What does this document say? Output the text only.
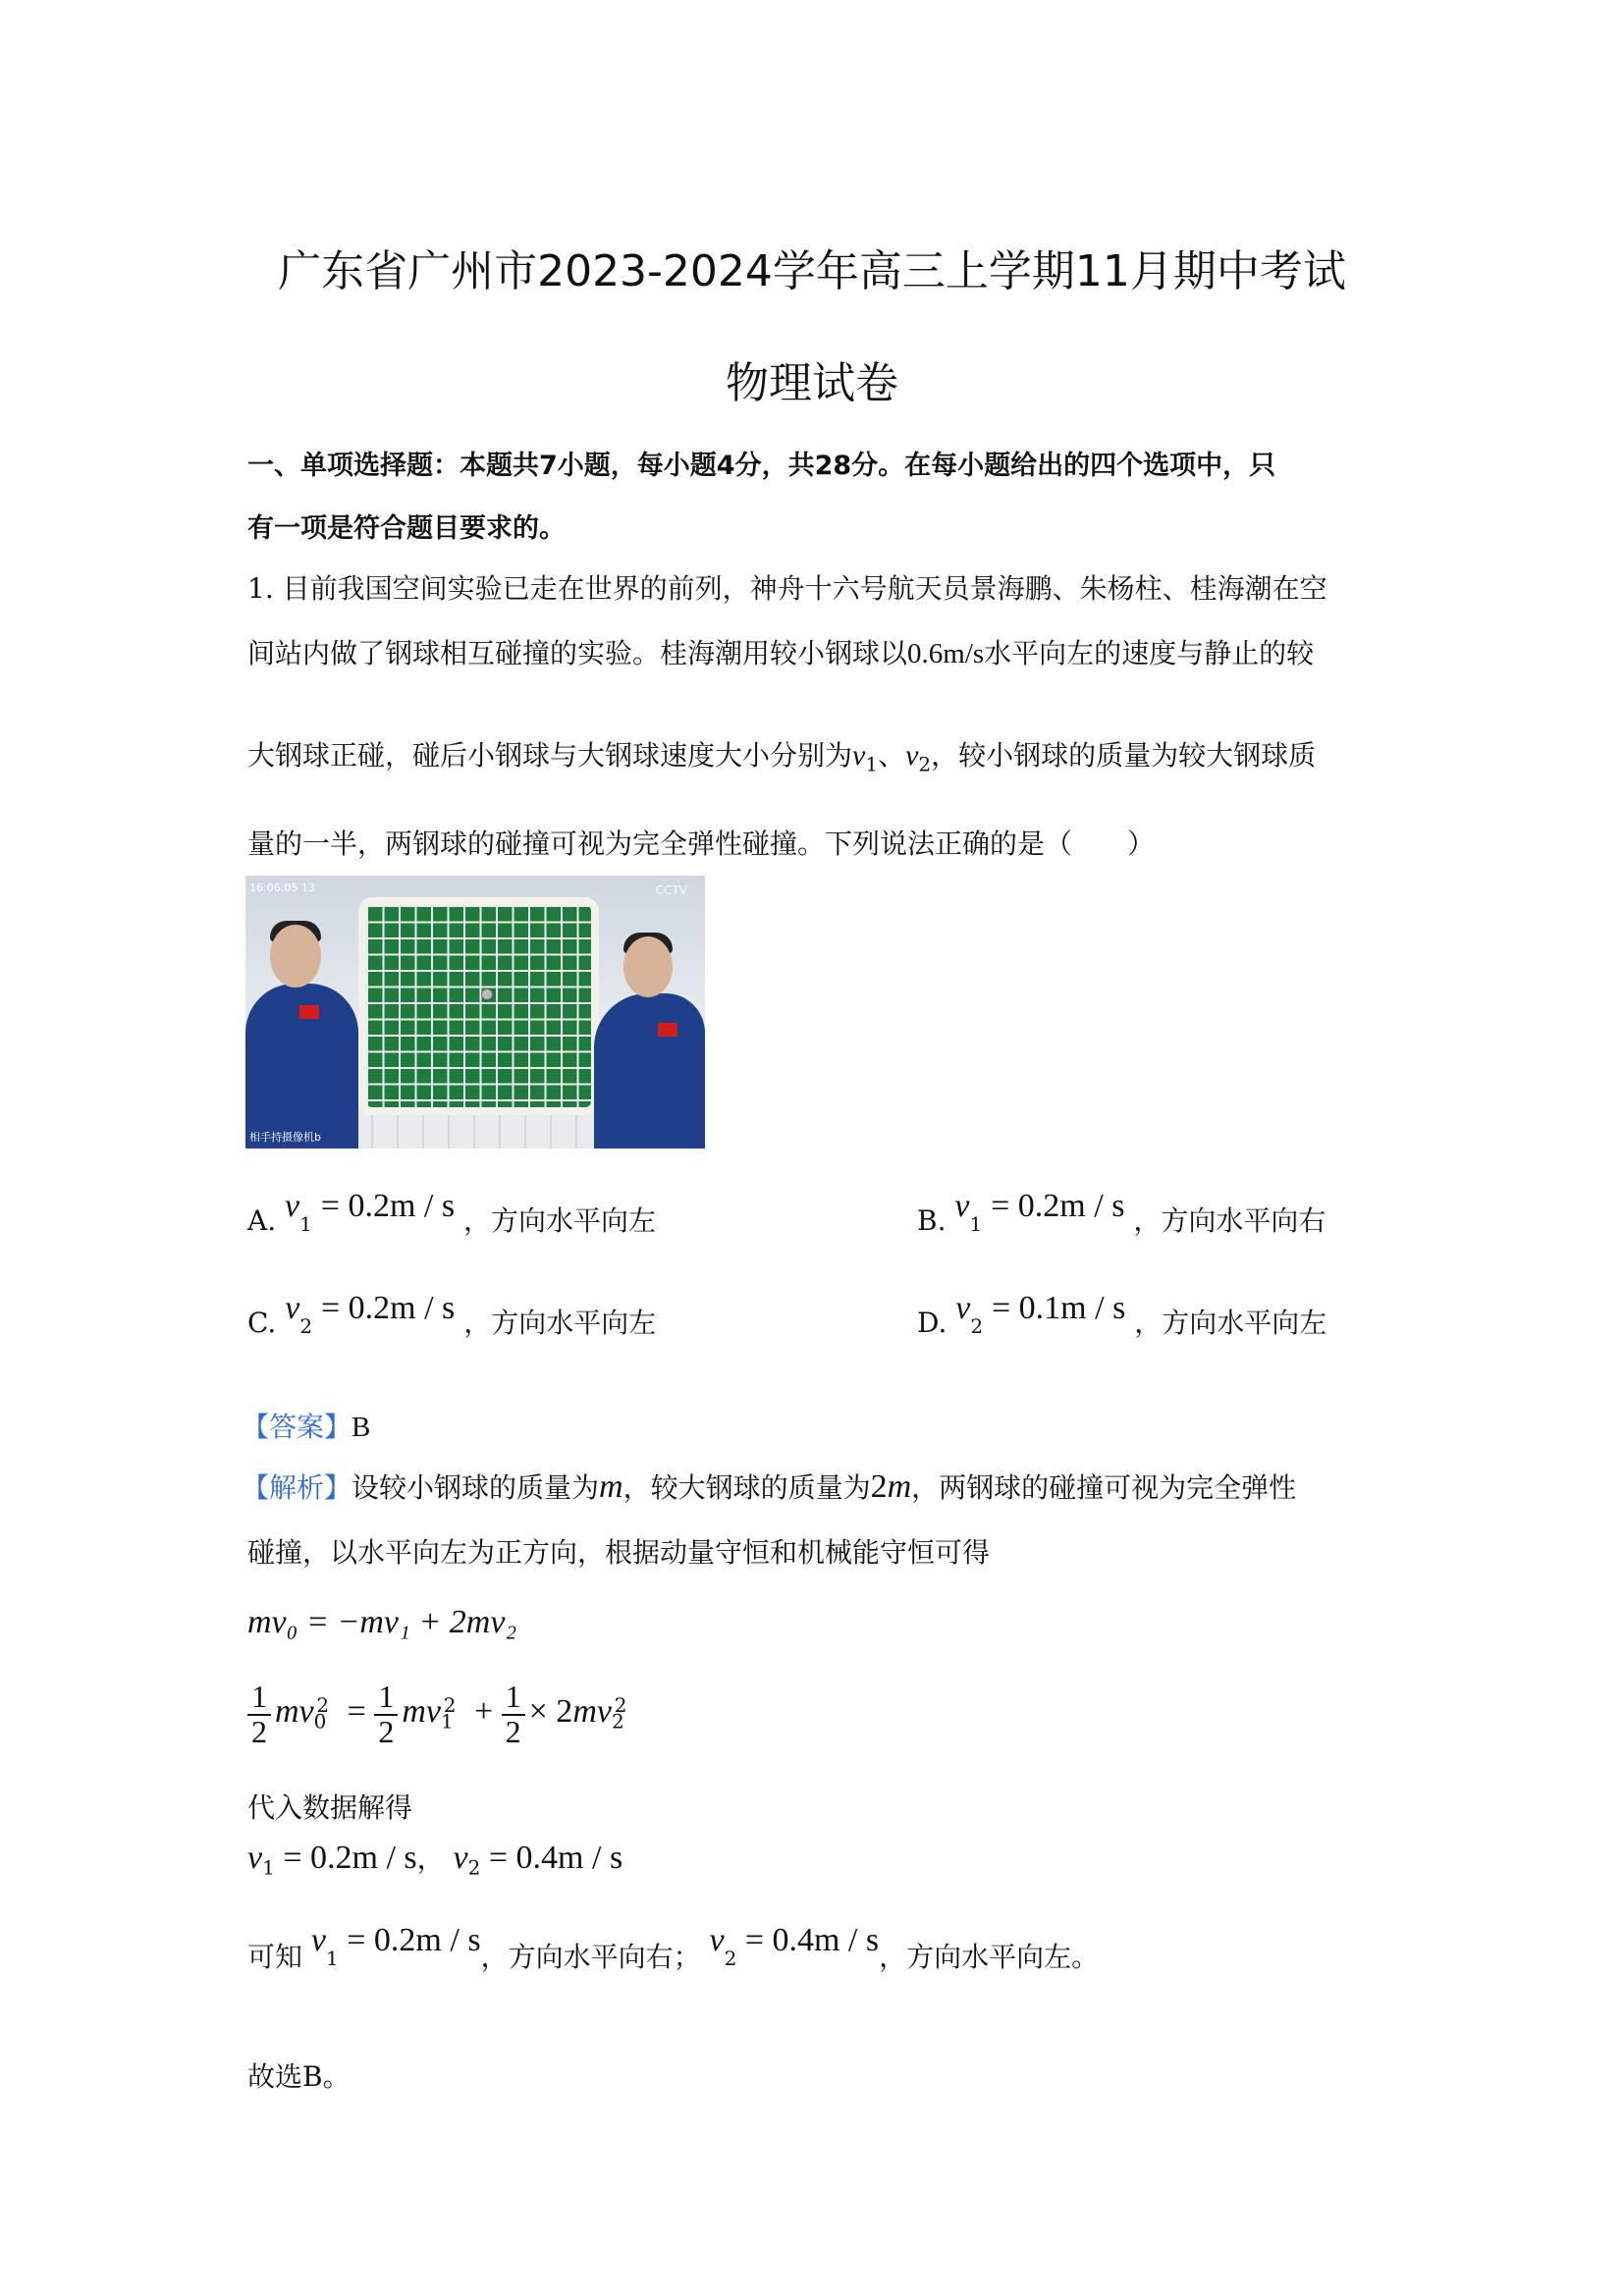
广东省广州市2023-2024学年高三上学期11月期中考试
物理试卷
一、单项选择题：本题共7小题，每小题4分，共28分。在每小题给出的四个选项中，只
有一项是符合题目要求的。
1. 目前我国空间实验已走在世界的前列，神舟十六号航天员景海鹏、朱杨柱、桂海潮在空
间站内做了钢球相互碰撞的实验。桂海潮用较小钢球以0.6m/s水平向左的速度与静止的较
大钢球正碰，碰后小钢球与大钢球速度大小分别为$v_1$、$v_2$，较小钢球的质量为较大钢球质
量的一半，两钢球的碰撞可视为完全弹性碰撞。下列说法正确的是（　　）
16:06:05 13	CCTV
相手持摄像机b
A. $v_1 = 0.2m / s$ ，方向水平向左	B. $v_1 = 0.2m / s$ ，方向水平向右
C. $v_2 = 0.2m / s$ ，方向水平向左	D. $v_2 = 0.1m / s$ ，方向水平向左
【答案】B
【解析】设较小钢球的质量为m，较大钢球的质量为2m，两钢球的碰撞可视为完全弹性
碰撞，以水平向左为正方向，根据动量守恒和机械能守恒可得
mv₀ = −mv₁ + 2mv₂
$\frac{1}{2} mv_0^2 = \frac{1}{2} mv_1^2 + \frac{1}{2} \times 2mv_2^2$
代入数据解得
$v_1 = 0.2m / s$， $v_2 = 0.4m / s$
可知 $v_1 = 0.2m / s$，方向水平向右； $v_2 = 0.4m / s$，方向水平向左。
故选B。
